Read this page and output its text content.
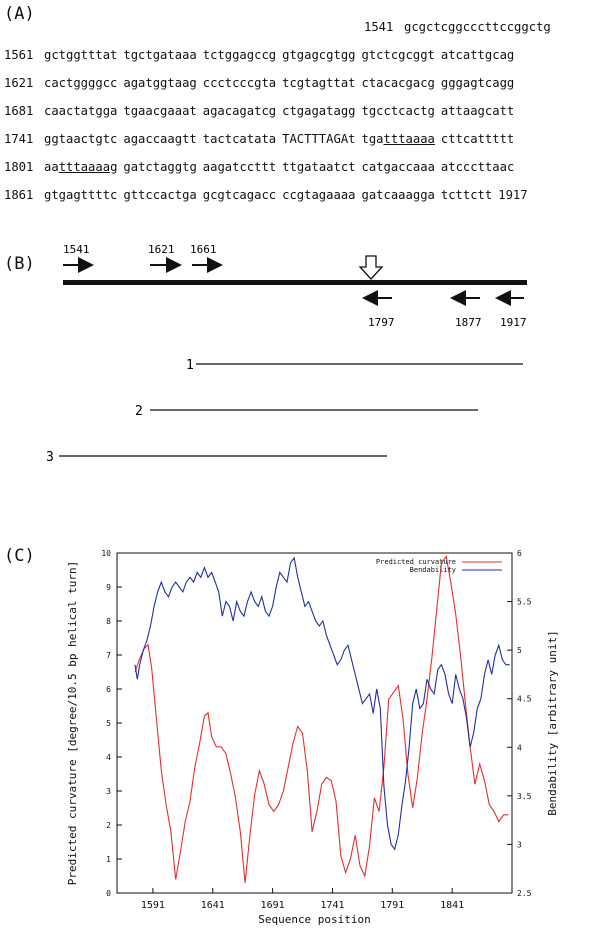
(A)
1541 gcgctcggcccttccggctg
1561 gctggtttat tgctgataaa tctggagccg gtgagcgtgg gtctcgcggt atcattgcag
1621 cactggggcc agatggtaag ccctcccgta tcgtagttat ctacacgacg gggagtcagg
1681 caactatgga tgaacgaaat agacagatcg ctgagatagg tgcctcactg attaagcatt
1741 ggtaactgtc agaccaagtt tactcatata TACTTTAGAt tgatttaaaa cttcattttt
1801 aatttaaaag gatctaggtg aagatccttt ttgataatct catgaccaaa atcccttaac
1861 gtgagttttc gttccactga gcgtcagacc ccgtagaaaa gatcaaagga tcttctt 1917
(B)
1541	1621 1661
1797	1877 1917
1
2
3
(C)
0
1
2
3
4
5
6
7
8
9
10
2.5
3
3.5
4
4.5
5
5.5
6
1591	1641	1691	1741	1791	1841
Predicted curvature
Bendability
Predicted curvature [degree/10.5 bp helical turn]	Bendability [arbitrary unit]
Sequence position
